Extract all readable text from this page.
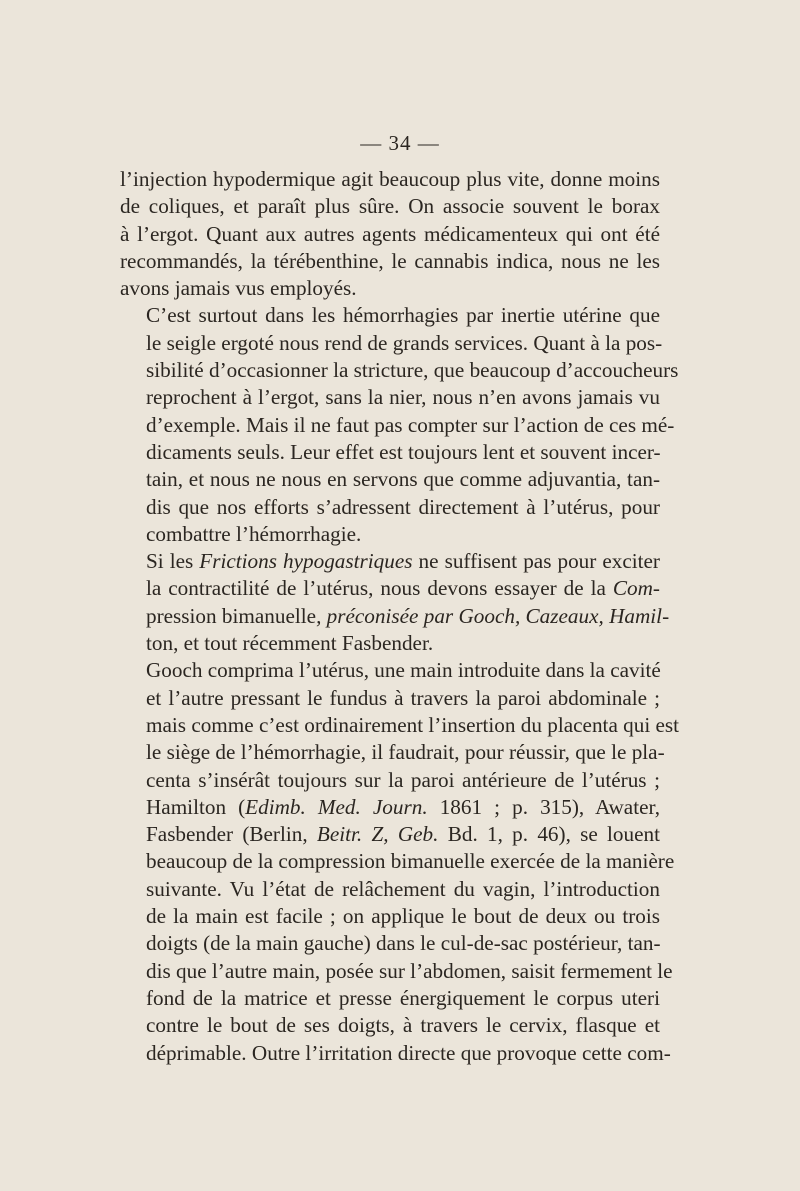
— 34 —

l’injection hypodermique agit beaucoup plus vite, donne moins
de coliques, et paraît plus sûre. On associe souvent le borax
à l’ergot. Quant aux autres agents médicamenteux qui ont été
recommandés, la térébenthine, le cannabis indica, nous ne les
avons jamais vus employés.

C’est surtout dans les hémorrhagies par inertie utérine que
le seigle ergoté nous rend de grands services. Quant à la pos-
sibilité d’occasionner la stricture, que beaucoup d’accoucheurs
reprochent à l’ergot, sans la nier, nous n’en avons jamais vu
d’exemple. Mais il ne faut pas compter sur l’action de ces mé-
dicaments seuls. Leur effet est toujours lent et souvent incer-
tain, et nous ne nous en servons que comme adjuvantia, tan-
dis que nos efforts s’adressent directement à l’utérus, pour
combattre l’hémorrhagie.

Si les Frictions hypogastriques ne suffisent pas pour exciter
la contractilité de l’utérus, nous devons essayer de la Com-
pression bimanuelle, préconisée par Gooch, Cazeaux, Hamil-
ton, et tout récemment Fasbender.

Gooch comprima l’utérus, une main introduite dans la cavité
et l’autre pressant le fundus à travers la paroi abdominale ;
mais comme c’est ordinairement l’insertion du placenta qui est
le siège de l’hémorrhagie, il faudrait, pour réussir, que le pla-
centa s’insérât toujours sur la paroi antérieure de l’utérus ;
Hamilton (Edimb. Med. Journ. 1861 ; p. 315), Awater,
Fasbender (Berlin, Beitr. Z, Geb. Bd. 1, p. 46), se louent
beaucoup de la compression bimanuelle exercée de la manière
suivante. Vu l’état de relâchement du vagin, l’introduction
de la main est facile ; on applique le bout de deux ou trois
doigts (de la main gauche) dans le cul-de-sac postérieur, tan-
dis que l’autre main, posée sur l’abdomen, saisit fermement le
fond de la matrice et presse énergiquement le corpus uteri
contre le bout de ses doigts, à travers le cervix, flasque et
déprimable. Outre l’irritation directe que provoque cette com-
